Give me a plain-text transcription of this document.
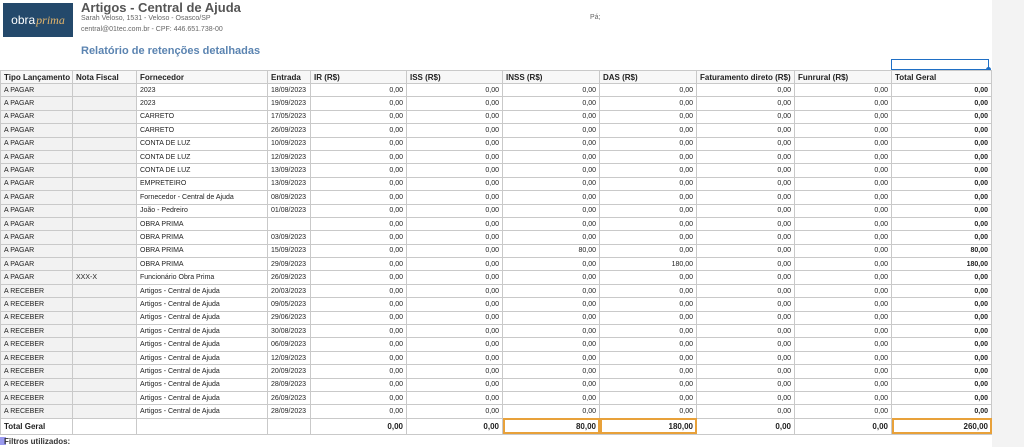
obra prima
Artigos - Central de Ajuda
Sarah Veloso, 1531 - Veloso - Osasco/SP
central@01tec.com.br - CPF: 446.651.738-00
Pá;
Relatório de retenções detalhadas
Tipo Lançamento	Nota Fiscal	Fornecedor	Entrada	IR (R$)	ISS (R$)	INSS (R$)	DAS (R$)	Faturamento direto (R$)	Funrural (R$)	Total Geral
A PAGAR		2023	18/09/2023	0,00	0,00	0,00	0,00	0,00	0,00	0,00
A PAGAR		2023	19/09/2023	0,00	0,00	0,00	0,00	0,00	0,00	0,00
A PAGAR		CARRETO	17/05/2023	0,00	0,00	0,00	0,00	0,00	0,00	0,00
A PAGAR		CARRETO	26/09/2023	0,00	0,00	0,00	0,00	0,00	0,00	0,00
A PAGAR		CONTA DE LUZ	10/09/2023	0,00	0,00	0,00	0,00	0,00	0,00	0,00
A PAGAR		CONTA DE LUZ	12/09/2023	0,00	0,00	0,00	0,00	0,00	0,00	0,00
A PAGAR		CONTA DE LUZ	13/09/2023	0,00	0,00	0,00	0,00	0,00	0,00	0,00
A PAGAR		EMPRETEIRO	13/09/2023	0,00	0,00	0,00	0,00	0,00	0,00	0,00
A PAGAR		Fornecedor - Central de Ajuda	08/09/2023	0,00	0,00	0,00	0,00	0,00	0,00	0,00
A PAGAR		João - Pedreiro	01/08/2023	0,00	0,00	0,00	0,00	0,00	0,00	0,00
A PAGAR		OBRA PRIMA		0,00	0,00	0,00	0,00	0,00	0,00	0,00
A PAGAR		OBRA PRIMA	03/09/2023	0,00	0,00	0,00	0,00	0,00	0,00	0,00
A PAGAR		OBRA PRIMA	15/09/2023	0,00	0,00	80,00	0,00	0,00	0,00	80,00
A PAGAR		OBRA PRIMA	29/09/2023	0,00	0,00	0,00	180,00	0,00	0,00	180,00
A PAGAR	XXX-X	Funcionário Obra Prima	26/09/2023	0,00	0,00	0,00	0,00	0,00	0,00	0,00
A RECEBER		Artigos - Central de Ajuda	20/03/2023	0,00	0,00	0,00	0,00	0,00	0,00	0,00
A RECEBER		Artigos - Central de Ajuda	09/05/2023	0,00	0,00	0,00	0,00	0,00	0,00	0,00
A RECEBER		Artigos - Central de Ajuda	29/06/2023	0,00	0,00	0,00	0,00	0,00	0,00	0,00
A RECEBER		Artigos - Central de Ajuda	30/08/2023	0,00	0,00	0,00	0,00	0,00	0,00	0,00
A RECEBER		Artigos - Central de Ajuda	06/09/2023	0,00	0,00	0,00	0,00	0,00	0,00	0,00
A RECEBER		Artigos - Central de Ajuda	12/09/2023	0,00	0,00	0,00	0,00	0,00	0,00	0,00
A RECEBER		Artigos - Central de Ajuda	20/09/2023	0,00	0,00	0,00	0,00	0,00	0,00	0,00
A RECEBER		Artigos - Central de Ajuda	28/09/2023	0,00	0,00	0,00	0,00	0,00	0,00	0,00
A RECEBER		Artigos - Central de Ajuda	26/09/2023	0,00	0,00	0,00	0,00	0,00	0,00	0,00
A RECEBER		Artigos - Central de Ajuda	28/09/2023	0,00	0,00	0,00	0,00	0,00	0,00	0,00
Total Geral				0,00	0,00	80,00	180,00	0,00	0,00	260,00
Filtros utilizados:
